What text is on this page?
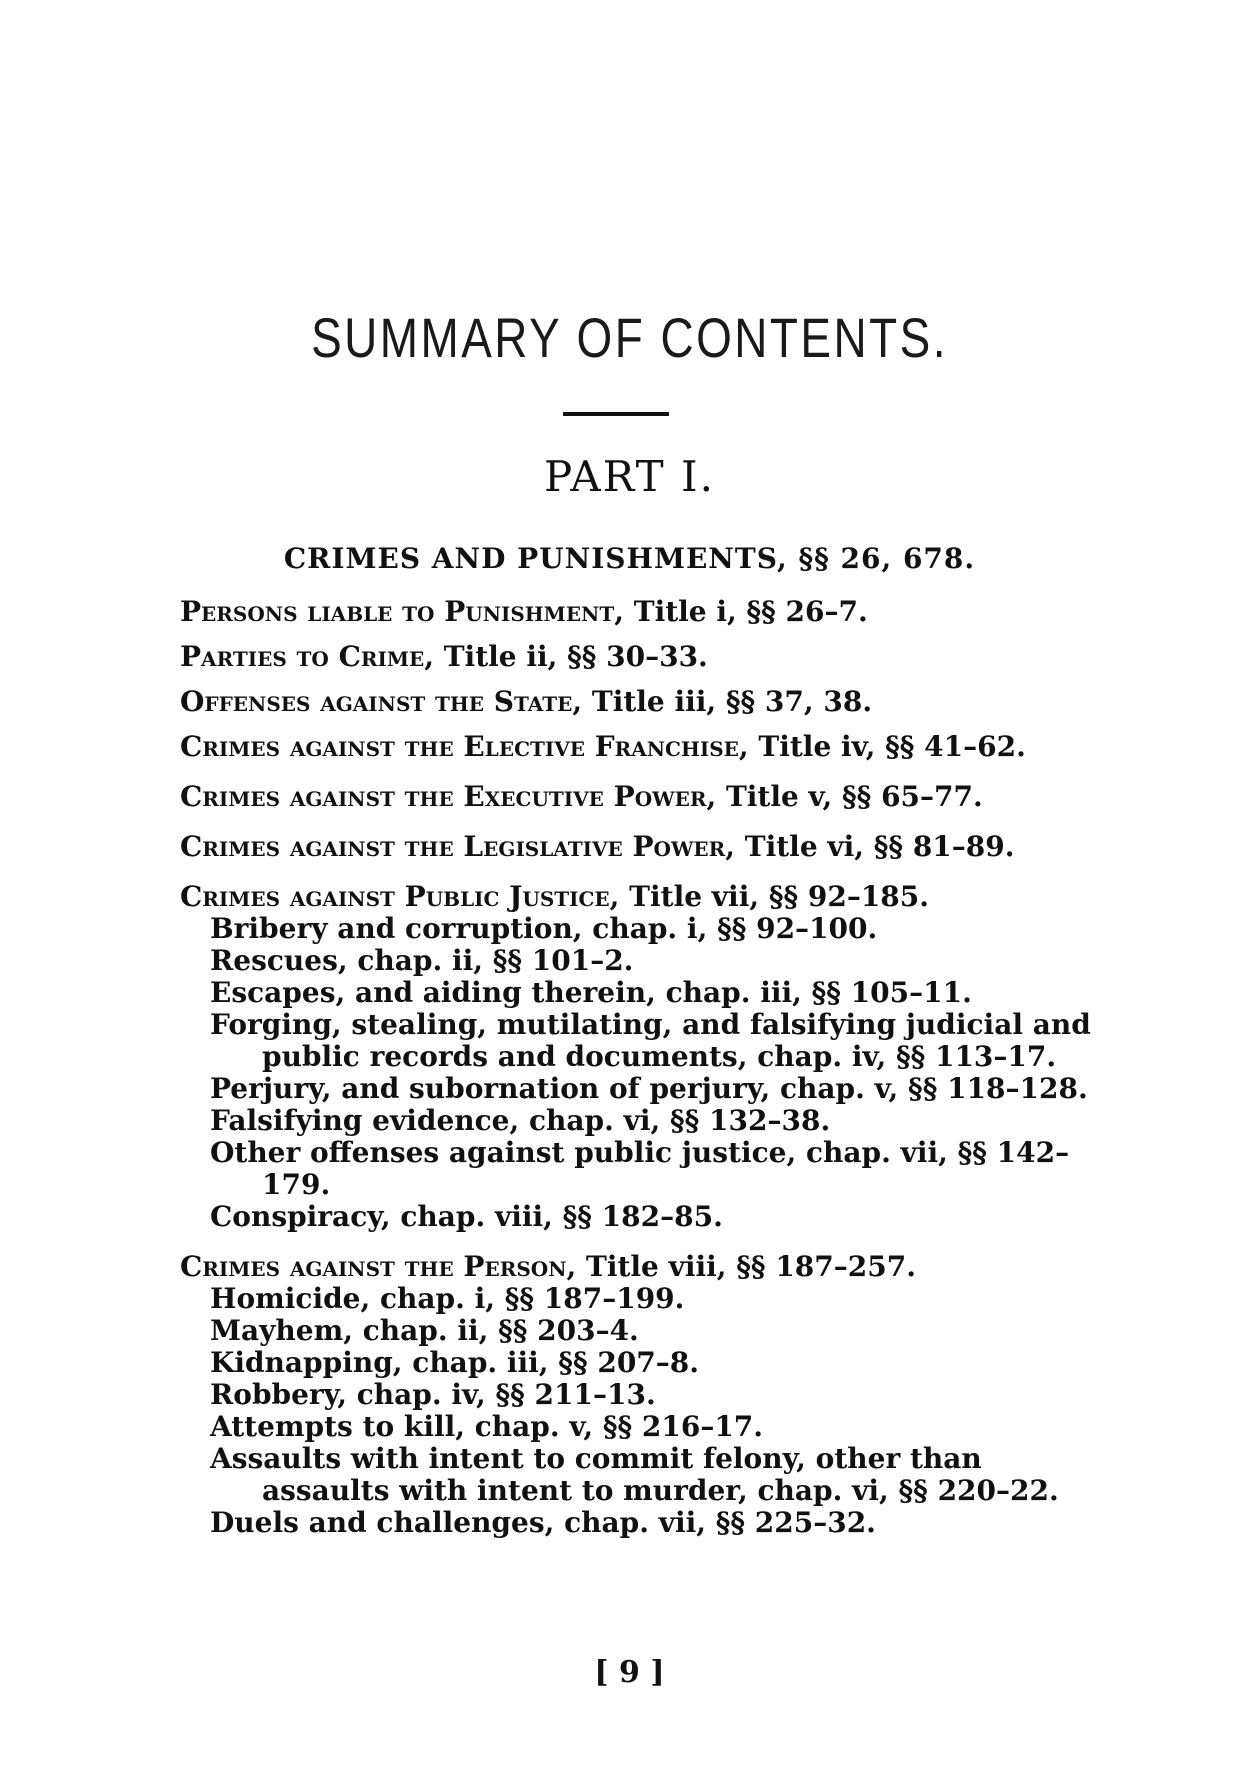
SUMMARY OF CONTENTS.
PART I.
CRIMES AND PUNISHMENTS, §§ 26, 678.
Persons liable to Punishment, Title i, §§ 26–7.
Parties to Crime, Title ii, §§ 30–33.
Offenses against the State, Title iii, §§ 37, 38.
Crimes against the Elective Franchise, Title iv, §§ 41–62.
Crimes against the Executive Power, Title v, §§ 65–77.
Crimes against the Legislative Power, Title vi, §§ 81–89.
Crimes against Public Justice, Title vii, §§ 92–185.
Bribery and corruption, chap. i, §§ 92–100.
Rescues, chap. ii, §§ 101–2.
Escapes, and aiding therein, chap. iii, §§ 105–11.
Forging, stealing, mutilating, and falsifying judicial and public records and documents, chap. iv, §§ 113–17.
Perjury, and subornation of perjury, chap. v, §§ 118–128.
Falsifying evidence, chap. vi, §§ 132–38.
Other offenses against public justice, chap. vii, §§ 142–179.
Conspiracy, chap. viii, §§ 182–85.
Crimes against the Person, Title viii, §§ 187–257.
Homicide, chap. i, §§ 187–199.
Mayhem, chap. ii, §§ 203–4.
Kidnapping, chap. iii, §§ 207–8.
Robbery, chap. iv, §§ 211–13.
Attempts to kill, chap. v, §§ 216–17.
Assaults with intent to commit felony, other than assaults with intent to murder, chap. vi, §§ 220–22.
Duels and challenges, chap. vii, §§ 225–32.
[ 9 ]
